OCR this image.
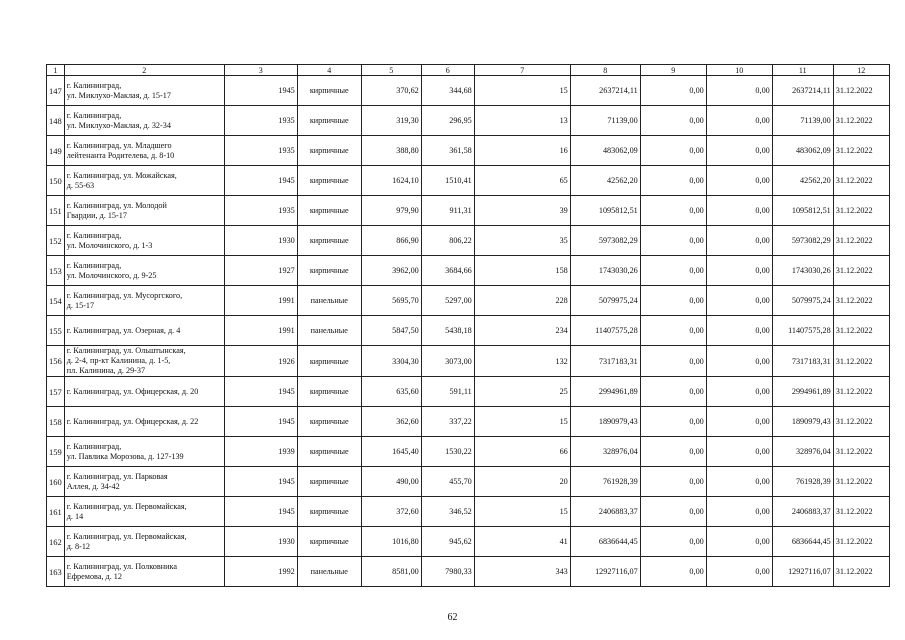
1	2	3	4	5	6	7	8	9	10	11	12
147	г. Калининград,
ул. Миклухо-Маклая, д. 15-17	1945	кирпичные	370,62	344,68	15	2637214,11	0,00	0,00	2637214,11	31.12.2022
148	г. Калининград,
ул. Миклухо-Маклая, д. 32-34	1935	кирпичные	319,30	296,95	13	71139,00	0,00	0,00	71139,00	31.12.2022
149	г. Калининград, ул. Младшего
лейтенанта Родителева, д. 8-10	1935	кирпичные	388,80	361,58	16	483062,09	0,00	0,00	483062,09	31.12.2022
150	г. Калининград, ул. Можайская,
д. 55-63	1945	кирпичные	1624,10	1510,41	65	42562,20	0,00	0,00	42562,20	31.12.2022
151	г. Калининград, ул. Молодой
Гвардии, д. 15-17	1935	кирпичные	979,90	911,31	39	1095812,51	0,00	0,00	1095812,51	31.12.2022
152	г. Калининград,
ул. Молочинского, д. 1-3	1930	кирпичные	866,90	806,22	35	5973082,29	0,00	0,00	5973082,29	31.12.2022
153	г. Калининград,
ул. Молочинского, д. 9-25	1927	кирпичные	3962,00	3684,66	158	1743030,26	0,00	0,00	1743030,26	31.12.2022
154	г. Калининград, ул. Мусоргского,
д. 15-17	1991	панельные	5695,70	5297,00	228	5079975,24	0,00	0,00	5079975,24	31.12.2022
155	г. Калининград, ул. Озерная, д. 4	1991	панельные	5847,50	5438,18	234	11407575,28	0,00	0,00	11407575,28	31.12.2022
156	г. Калининград, ул. Ольштынская,
д. 2-4, пр-кт Калинина, д. 1-5,
пл. Калинина, д. 29-37	1926	кирпичные	3304,30	3073,00	132	7317183,31	0,00	0,00	7317183,31	31.12.2022
157	г. Калининград, ул. Офицерская, д. 20	1945	кирпичные	635,60	591,11	25	2994961,89	0,00	0,00	2994961,89	31.12.2022
158	г. Калининград, ул. Офицерская, д. 22	1945	кирпичные	362,60	337,22	15	1890979,43	0,00	0,00	1890979,43	31.12.2022
159	г. Калининград,
ул. Павлика Морозова, д. 127-139	1939	кирпичные	1645,40	1530,22	66	328976,04	0,00	0,00	328976,04	31.12.2022
160	г. Калининград, ул. Парковая
Аллея, д. 34-42	1945	кирпичные	490,00	455,70	20	761928,39	0,00	0,00	761928,39	31.12.2022
161	г. Калининград, ул. Первомайская,
д. 14	1945	кирпичные	372,60	346,52	15	2406883,37	0,00	0,00	2406883,37	31.12.2022
162	г. Калининград, ул. Первомайская,
д. 8-12	1930	кирпичные	1016,80	945,62	41	6836644,45	0,00	0,00	6836644,45	31.12.2022
163	г. Калининград, ул. Полковника
Ефремова, д. 12	1992	панельные	8581,00	7980,33	343	12927116,07	0,00	0,00	12927116,07	31.12.2022
62
